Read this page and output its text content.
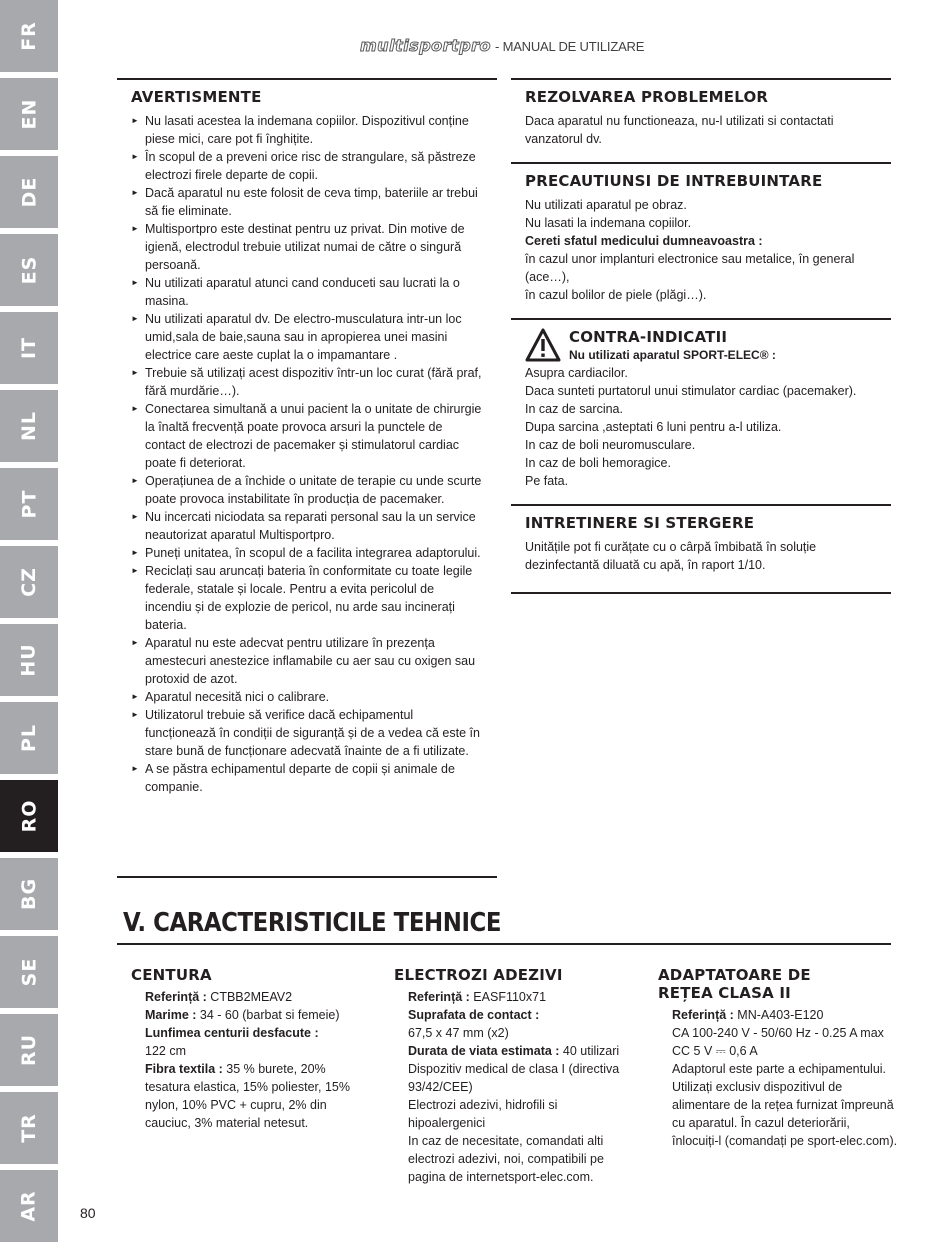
FR
EN
DE
ES
IT
NL
PT
CZ
HU
PL
RO
BG
SE
RU
TR
AR
multisportpro - MANUAL DE UTILIZARE
AVERTISMENTE
► Nu lasati acestea la indemana copiilor. Dispozitivul conține piese mici, care pot fi înghițite.
► În scopul de a preveni orice risc de strangulare, să păstreze electrozi firele departe de copii.
► Dacă aparatul nu este folosit de ceva timp, bateriile ar trebui să fie eliminate.
► Multisportpro este destinat pentru uz privat. Din motive de igienă, electrodul trebuie utilizat numai de către o singură persoană.
► Nu utilizati aparatul atunci cand conduceti sau lucrati la o masina.
► Nu utilizati aparatul dv. De electro-musculatura intr-un loc umid,sala de baie,sauna sau in apropierea unei masini electrice care aeste cuplat la o impamantare .
► Trebuie să utilizați acest dispozitiv într-un loc curat (fără praf, fără murdărie…).
► Conectarea simultană a unui pacient la o unitate de chirurgie la înaltă frecvență poate provoca arsuri la punctele de contact de electrozi de pacemaker și stimulatorul cardiac poate fi deteriorat.
► Operațiunea de a închide o unitate de terapie cu unde scurte poate provoca instabilitate în producția de pacemaker.
► Nu incercati niciodata sa reparati personal sau la un service neautorizat aparatul Multisportpro.
► Puneți unitatea, în scopul de a facilita integrarea adaptorului.
► Reciclați sau aruncați bateria în conformitate cu toate legile federale, statale și locale. Pentru a evita pericolul de incendiu și de explozie de pericol, nu arde sau incinerați bateria.
► Aparatul nu este adecvat pentru utilizare în prezența amestecuri anestezice inflamabile cu aer sau cu oxigen sau protoxid de azot.
► Aparatul necesită nici o calibrare.
► Utilizatorul trebuie să verifice dacă echipamentul funcționează în condiții de siguranță și de a vedea că este în stare bună de funcționare adecvată înainte de a fi utilizate.
► A se păstra echipamentul departe de copii și animale de companie.
REZOLVAREA PROBLEMELOR

Daca aparatul nu functioneaza, nu-l utilizati si contactati vanzatorul dv.

PRECAUTIUNSI DE INTREBUINTARE

Nu utilizati aparatul pe obraz.

Nu lasati la indemana copiilor.

Cereti sfatul medicului dumneavoastra :

în cazul unor implanturi electronice sau metalice, în general (ace…),

în cazul bolilor de piele (plăgi…).

CONTRA-INDICATII
Nu utilizati aparatul SPORT-ELEC® :

Asupra cardiacilor.

Daca sunteti purtatorul unui stimulator cardiac (pacemaker).

In caz de sarcina.

Dupa sarcina ,asteptati 6 luni pentru a-l utiliza.

In caz de boli neuromusculare.

In caz de boli hemoragice.

Pe fata.

INTRETINERE SI STERGERE

Unitățile pot fi curățate cu o cârpă îmbibată în soluție dezinfectantă diluată cu apă, în raport 1/10.

V. CARACTERISTICILE TEHNICE
CENTURA

Referință : CTBB2MEAV2

Marime : 34 - 60 (barbat si femeie)

Lunfimea centurii desfacute :

122 cm

Fibra textila : 35 % burete, 20% tesatura elastica, 15% poliester, 15% nylon, 10% PVC + cupru, 2% din cauciuc, 3% material netesut.

ELECTROZI ADEZIVI

Referință : EASF110x71

Suprafata de contact :

67,5 x 47 mm (x2)

Durata de viata estimata : 40 utilizari

Dispozitiv medical de clasa I (directiva 93/42/CEE)

Electrozi adezivi, hidrofili si hipoalergenici

In caz de necesitate, comandati alti electrozi adezivi, noi, compatibili pe pagina de internetsport-elec.com.

ADAPTATOARE DE REȚEA CLASA II

Referință : MN-A403-E120

CA 100-240 V - 50/60 Hz - 0.25 A max

CC 5 V ⎓ 0,6 A

Adaptorul este parte a echipamentului.

Utilizați exclusiv dispozitivul de alimentare de la rețea furnizat împreună cu aparatul. În cazul deteriorării, înlocuiți-l (comandați pe sport-elec.com).

80
